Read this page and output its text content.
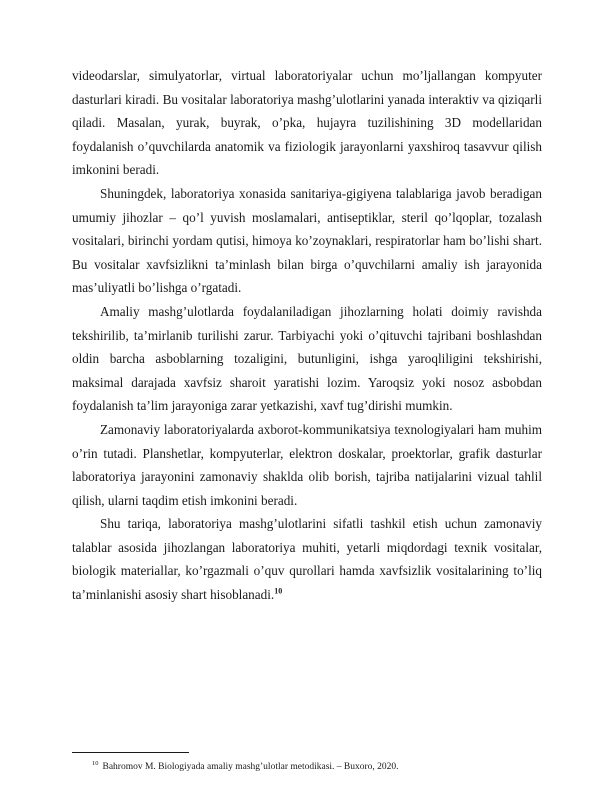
videodarslar, simulyatorlar, virtual laboratoriyalar uchun mo’ljallangan kompyuter dasturlari kiradi. Bu vositalar laboratoriya mashg’ulotlarini yanada interaktiv va qiziqarli qiladi. Masalan, yurak, buyrak, o’pka, hujayra tuzilishining 3D modellaridan foydalanish o’quvchilarda anatomik va fiziologik jarayonlarni yaxshiroq tasavvur qilish imkonini beradi.

Shuningdek, laboratoriya xonasida sanitariya-gigiyena talablariga javob beradigan umumiy jihozlar – qo’l yuvish moslamalari, antiseptiklar, steril qo’lqoplar, tozalash vositalari, birinchi yordam qutisi, himoya ko’zoynaklari, respiratorlar ham bo’lishi shart. Bu vositalar xavfsizlikni ta’minlash bilan birga o’quvchilarni amaliy ish jarayonida mas’uliyatli bo’lishga o’rgatadi.

Amaliy mashg’ulotlarda foydalaniladigan jihozlarning holati doimiy ravishda tekshirilib, ta’mirlanib turilishi zarur. Tarbiyachi yoki o’qituvchi tajribani boshlashdan oldin barcha asboblarning tozaligini, butunligini, ishga yaroqliligini tekshirishi, maksimal darajada xavfsiz sharoit yaratishi lozim. Yaroqsiz yoki nosoz asbobdan foydalanish ta’lim jarayoniga zarar yetkazishi, xavf tug’dirishi mumkin.

Zamonaviy laboratoriyalarda axborot-kommunikatsiya texnologiyalari ham muhim o’rin tutadi. Planshetlar, kompyuterlar, elektron doskalar, proektorlar, grafik dasturlar laboratoriya jarayonini zamonaviy shaklda olib borish, tajriba natijalarini vizual tahlil qilish, ularni taqdim etish imkonini beradi.

Shu tariqa, laboratoriya mashg’ulotlarini sifatli tashkil etish uchun zamonaviy talablar asosida jihozlangan laboratoriya muhiti, yetarli miqdordagi texnik vositalar, biologik materiallar, ko’rgazmali o’quv qurollari hamda xavfsizlik vositalarining to’liq ta’minlanishi asosiy shart hisoblanadi.$^{10}$

$^{10}$ Bahromov M. Biologiyada amaliy mashg’ulotlar metodikasi. – Buxoro, 2020.
